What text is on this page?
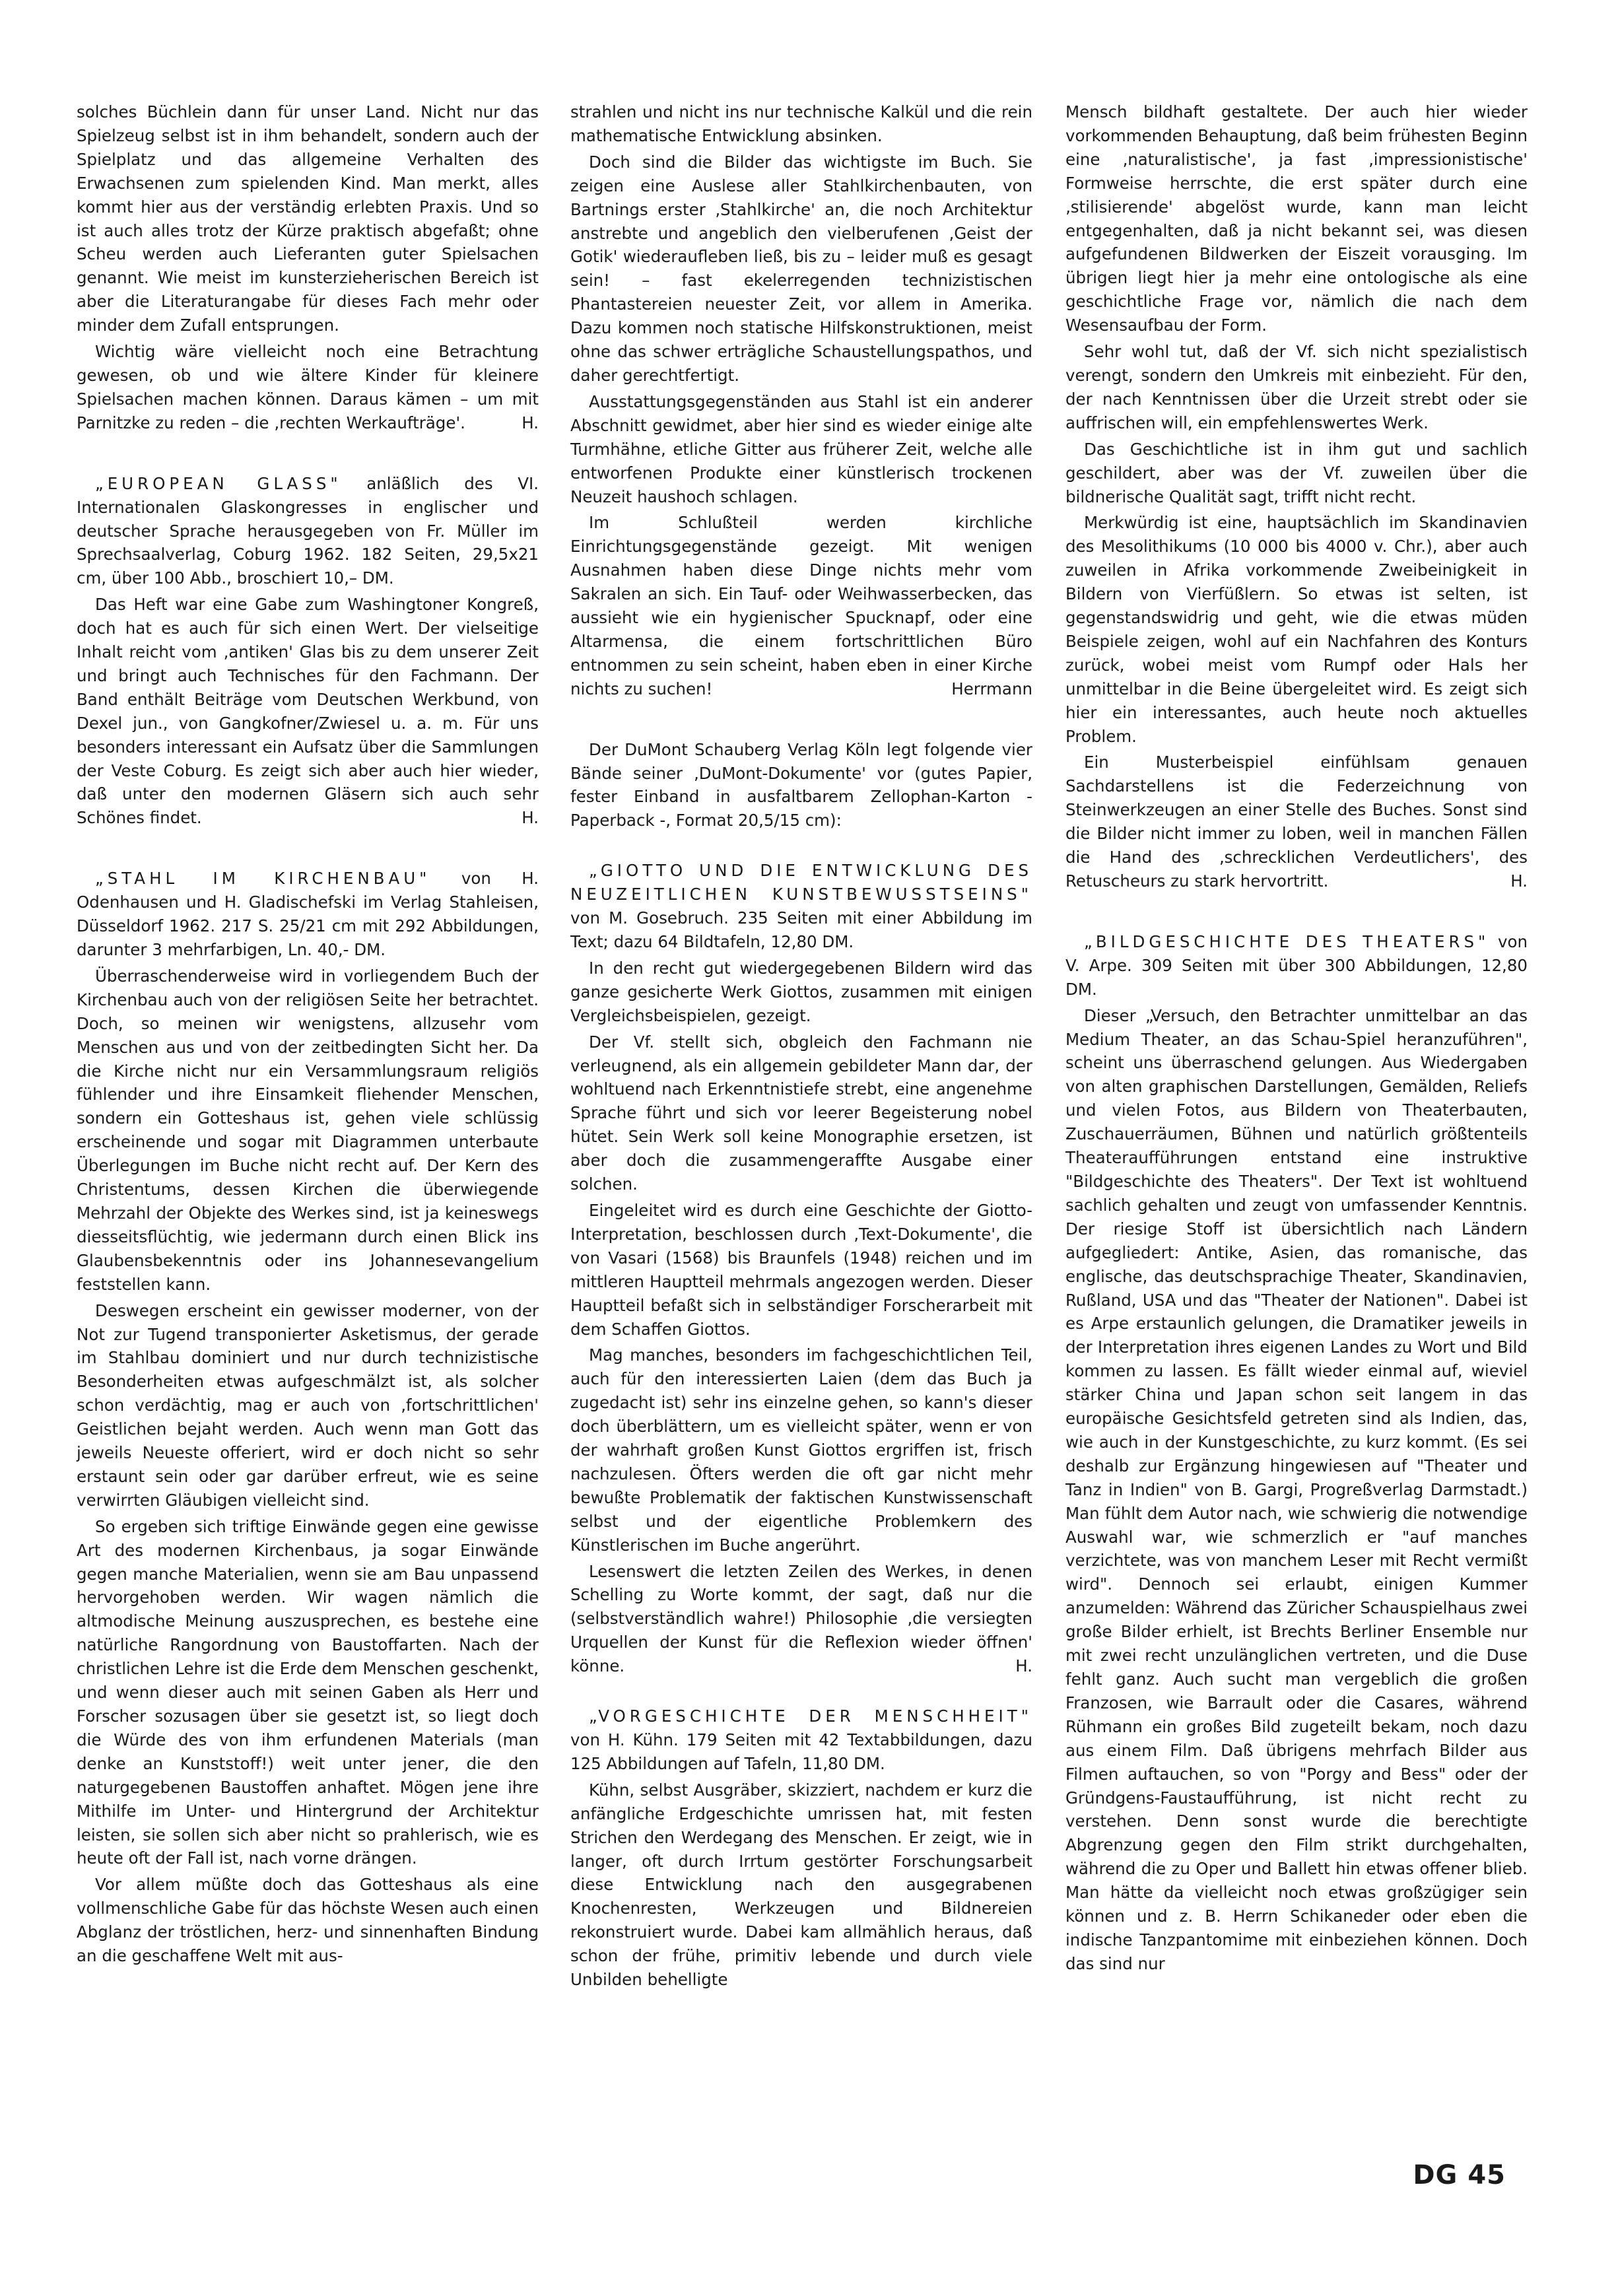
solches Büchlein dann für unser Land. Nicht nur das Spielzeug selbst ist in ihm behandelt, sondern auch der Spielplatz und das allgemeine Verhalten des Erwachsenen zum spielenden Kind. Man merkt, alles kommt hier aus der verständig erlebten Praxis. Und so ist auch alles trotz der Kürze praktisch abgefaßt; ohne Scheu werden auch Lieferanten guter Spielsachen genannt. Wie meist im kunsterzieherischen Bereich ist aber die Literaturangabe für dieses Fach mehr oder minder dem Zufall entsprungen.

Wichtig wäre vielleicht noch eine Betrachtung gewesen, ob und wie ältere Kinder für kleinere Spielsachen machen können. Daraus kämen – um mit Parnitzke zu reden – die ‚rechten Werkaufträge'.	H.

„EUROPEAN GLASS" anläßlich des VI. Internationalen Glaskongresses in englischer und deutscher Sprache herausgegeben von Fr. Müller im Sprechsaalverlag, Coburg 1962. 182 Seiten, 29,5x21 cm, über 100 Abb., broschiert 10,– DM.

Das Heft war eine Gabe zum Washingtoner Kongreß, doch hat es auch für sich einen Wert. Der vielseitige Inhalt reicht vom ‚antiken' Glas bis zu dem unserer Zeit und bringt auch Technisches für den Fachmann. Der Band enthält Beiträge vom Deutschen Werkbund, von Dexel jun., von Gangkofner/Zwiesel u. a. m. Für uns besonders interessant ein Aufsatz über die Sammlungen der Veste Coburg. Es zeigt sich aber auch hier wieder, daß unter den modernen Gläsern sich auch sehr Schönes findet.	H.

„STAHL IM KIRCHENBAU" von H. Odenhausen und H. Gladischefski im Verlag Stahleisen, Düsseldorf 1962. 217 S. 25/21 cm mit 292 Abbildungen, darunter 3 mehrfarbigen, Ln. 40,- DM.

Überraschenderweise wird in vorliegendem Buch der Kirchenbau auch von der religiösen Seite her betrachtet. Doch, so meinen wir wenigstens, allzusehr vom Menschen aus und von der zeitbedingten Sicht her. Da die Kirche nicht nur ein Versammlungsraum religiös fühlender und ihre Einsamkeit fliehender Menschen, sondern ein Gotteshaus ist, gehen viele schlüssig erscheinende und sogar mit Diagrammen unterbaute Überlegungen im Buche nicht recht auf. Der Kern des Christentums, dessen Kirchen die überwiegende Mehrzahl der Objekte des Werkes sind, ist ja keineswegs diesseitsflüchtig, wie jedermann durch einen Blick ins Glaubensbekenntnis oder ins Johannesevangelium feststellen kann.

Deswegen erscheint ein gewisser moderner, von der Not zur Tugend transponierter Asketismus, der gerade im Stahlbau dominiert und nur durch technizistische Besonderheiten etwas aufgeschmälzt ist, als solcher schon verdächtig, mag er auch von ‚fortschrittlichen' Geistlichen bejaht werden. Auch wenn man Gott das jeweils Neueste offeriert, wird er doch nicht so sehr erstaunt sein oder gar darüber erfreut, wie es seine verwirrten Gläubigen vielleicht sind.

So ergeben sich triftige Einwände gegen eine gewisse Art des modernen Kirchenbaus, ja sogar Einwände gegen manche Materialien, wenn sie am Bau unpassend hervorgehoben werden. Wir wagen nämlich die altmodische Meinung auszusprechen, es bestehe eine natürliche Rangordnung von Baustoffarten. Nach der christlichen Lehre ist die Erde dem Menschen geschenkt, und wenn dieser auch mit seinen Gaben als Herr und Forscher sozusagen über sie gesetzt ist, so liegt doch die Würde des von ihm erfundenen Materials (man denke an Kunststoff!) weit unter jener, die den naturgegebenen Baustoffen anhaftet. Mögen jene ihre Mithilfe im Unter- und Hintergrund der Architektur leisten, sie sollen sich aber nicht so prahlerisch, wie es heute oft der Fall ist, nach vorne drängen.

Vor allem müßte doch das Gotteshaus als eine vollmenschliche Gabe für das höchste Wesen auch einen Abglanz der tröstlichen, herz- und sinnenhaften Bindung an die geschaffene Welt mit aus-

strahlen und nicht ins nur technische Kalkül und die rein mathematische Entwicklung absinken.

Doch sind die Bilder das wichtigste im Buch. Sie zeigen eine Auslese aller Stahlkirchenbauten, von Bartnings erster ‚Stahlkirche' an, die noch Architektur anstrebte und angeblich den vielberufenen ‚Geist der Gotik' wiederaufleben ließ, bis zu – leider muß es gesagt sein! – fast ekelerregenden technizistischen Phantastereien neuester Zeit, vor allem in Amerika. Dazu kommen noch statische Hilfskonstruktionen, meist ohne das schwer erträgliche Schaustellungspathos, und daher gerechtfertigt.

Ausstattungsgegenständen aus Stahl ist ein anderer Abschnitt gewidmet, aber hier sind es wieder einige alte Turmhähne, etliche Gitter aus früherer Zeit, welche alle entworfenen Produkte einer künstlerisch trockenen Neuzeit haushoch schlagen.

Im Schlußteil werden kirchliche Einrichtungsgegenstände gezeigt. Mit wenigen Ausnahmen haben diese Dinge nichts mehr vom Sakralen an sich. Ein Tauf- oder Weihwasserbecken, das aussieht wie ein hygienischer Spucknapf, oder eine Altarmensa, die einem fortschrittlichen Büro entnommen zu sein scheint, haben eben in einer Kirche nichts zu suchen!	Herrmann

Der DuMont Schauberg Verlag Köln legt folgende vier Bände seiner ‚DuMont-Dokumente' vor (gutes Papier, fester Einband in ausfaltbarem Zellophan-Karton - Paperback -, Format 20,5/15 cm):

„GIOTTO UND DIE ENTWICKLUNG DES NEUZEITLICHEN KUNSTBEWUSSTSEINS" von M. Gosebruch. 235 Seiten mit einer Abbildung im Text; dazu 64 Bildtafeln, 12,80 DM.

In den recht gut wiedergegebenen Bildern wird das ganze gesicherte Werk Giottos, zusammen mit einigen Vergleichsbeispielen, gezeigt.

Der Vf. stellt sich, obgleich den Fachmann nie verleugnend, als ein allgemein gebildeter Mann dar, der wohltuend nach Erkenntnistiefe strebt, eine angenehme Sprache führt und sich vor leerer Begeisterung nobel hütet. Sein Werk soll keine Monographie ersetzen, ist aber doch die zusammengeraffte Ausgabe einer solchen.

Eingeleitet wird es durch eine Geschichte der Giotto-Interpretation, beschlossen durch ‚Text-Dokumente', die von Vasari (1568) bis Braunfels (1948) reichen und im mittleren Hauptteil mehrmals angezogen werden. Dieser Hauptteil befaßt sich in selbständiger Forscherarbeit mit dem Schaffen Giottos.

Mag manches, besonders im fachgeschichtlichen Teil, auch für den interessierten Laien (dem das Buch ja zugedacht ist) sehr ins einzelne gehen, so kann's dieser doch überblättern, um es vielleicht später, wenn er von der wahrhaft großen Kunst Giottos ergriffen ist, frisch nachzulesen. Öfters werden die oft gar nicht mehr bewußte Problematik der faktischen Kunstwissenschaft selbst und der eigentliche Problemkern des Künstlerischen im Buche angerührt.

Lesenswert die letzten Zeilen des Werkes, in denen Schelling zu Worte kommt, der sagt, daß nur die (selbstverständlich wahre!) Philosophie ‚die versiegten Urquellen der Kunst für die Reflexion wieder öffnen' könne.	H.

„VORGESCHICHTE DER MENSCHHEIT" von H. Kühn. 179 Seiten mit 42 Textabbildungen, dazu 125 Abbildungen auf Tafeln, 11,80 DM.

Kühn, selbst Ausgräber, skizziert, nachdem er kurz die anfängliche Erdgeschichte umrissen hat, mit festen Strichen den Werdegang des Menschen. Er zeigt, wie in langer, oft durch Irrtum gestörter Forschungsarbeit diese Entwicklung nach den ausgegrabenen Knochenresten, Werkzeugen und Bildnereien rekonstruiert wurde. Dabei kam allmählich heraus, daß schon der frühe, primitiv lebende und durch viele Unbilden behelligte

Mensch bildhaft gestaltete. Der auch hier wieder vorkommenden Behauptung, daß beim frühesten Beginn eine ‚naturalistische', ja fast ‚impressionistische' Formweise herrschte, die erst später durch eine ‚stilisierende' abgelöst wurde, kann man leicht entgegenhalten, daß ja nicht bekannt sei, was diesen aufgefundenen Bildwerken der Eiszeit vorausging. Im übrigen liegt hier ja mehr eine ontologische als eine geschichtliche Frage vor, nämlich die nach dem Wesensaufbau der Form.

Sehr wohl tut, daß der Vf. sich nicht spezialistisch verengt, sondern den Umkreis mit einbezieht. Für den, der nach Kenntnissen über die Urzeit strebt oder sie auffrischen will, ein empfehlenswertes Werk.

Das Geschichtliche ist in ihm gut und sachlich geschildert, aber was der Vf. zuweilen über die bildnerische Qualität sagt, trifft nicht recht.

Merkwürdig ist eine, hauptsächlich im Skandinavien des Mesolithikums (10 000 bis 4000 v. Chr.), aber auch zuweilen in Afrika vorkommende Zweibeinigkeit in Bildern von Vierfüßlern. So etwas ist selten, ist gegenstandswidrig und geht, wie die etwas müden Beispiele zeigen, wohl auf ein Nachfahren des Konturs zurück, wobei meist vom Rumpf oder Hals her unmittelbar in die Beine übergeleitet wird. Es zeigt sich hier ein interessantes, auch heute noch aktuelles Problem.

Ein Musterbeispiel einfühlsam genauen Sachdarstellens ist die Federzeichnung von Steinwerkzeugen an einer Stelle des Buches. Sonst sind die Bilder nicht immer zu loben, weil in manchen Fällen die Hand des ‚schrecklichen Verdeutlichers', des Retuscheurs zu stark hervortritt.	H.

„BILDGESCHICHTE DES THEATERS" von V. Arpe. 309 Seiten mit über 300 Abbildungen, 12,80 DM.

Dieser „Versuch, den Betrachter unmittelbar an das Medium Theater, an das Schau-Spiel heranzuführen", scheint uns überraschend gelungen. Aus Wiedergaben von alten graphischen Darstellungen, Gemälden, Reliefs und vielen Fotos, aus Bildern von Theaterbauten, Zuschauerräumen, Bühnen und natürlich größtenteils Theateraufführungen entstand eine instruktive "Bildgeschichte des Theaters". Der Text ist wohltuend sachlich gehalten und zeugt von umfassender Kenntnis. Der riesige Stoff ist übersichtlich nach Ländern aufgegliedert: Antike, Asien, das romanische, das englische, das deutschsprachige Theater, Skandinavien, Rußland, USA und das "Theater der Nationen". Dabei ist es Arpe erstaunlich gelungen, die Dramatiker jeweils in der Interpretation ihres eigenen Landes zu Wort und Bild kommen zu lassen. Es fällt wieder einmal auf, wieviel stärker China und Japan schon seit langem in das europäische Gesichtsfeld getreten sind als Indien, das, wie auch in der Kunstgeschichte, zu kurz kommt. (Es sei deshalb zur Ergänzung hingewiesen auf "Theater und Tanz in Indien" von B. Gargi, Progreßverlag Darmstadt.) Man fühlt dem Autor nach, wie schwierig die notwendige Auswahl war, wie schmerzlich er "auf manches verzichtete, was von manchem Leser mit Recht vermißt wird". Dennoch sei erlaubt, einigen Kummer anzumelden: Während das Züricher Schauspielhaus zwei große Bilder erhielt, ist Brechts Berliner Ensemble nur mit zwei recht unzulänglichen vertreten, und die Duse fehlt ganz. Auch sucht man vergeblich die großen Franzosen, wie Barrault oder die Casares, während Rühmann ein großes Bild zugeteilt bekam, noch dazu aus einem Film. Daß übrigens mehrfach Bilder aus Filmen auftauchen, so von "Porgy and Bess" oder der Gründgens-Faustaufführung, ist nicht recht zu verstehen. Denn sonst wurde die berechtigte Abgrenzung gegen den Film strikt durchgehalten, während die zu Oper und Ballett hin etwas offener blieb. Man hätte da vielleicht noch etwas großzügiger sein können und z. B. Herrn Schikaneder oder eben die indische Tanzpantomime mit einbeziehen können. Doch das sind nur

DG 45
